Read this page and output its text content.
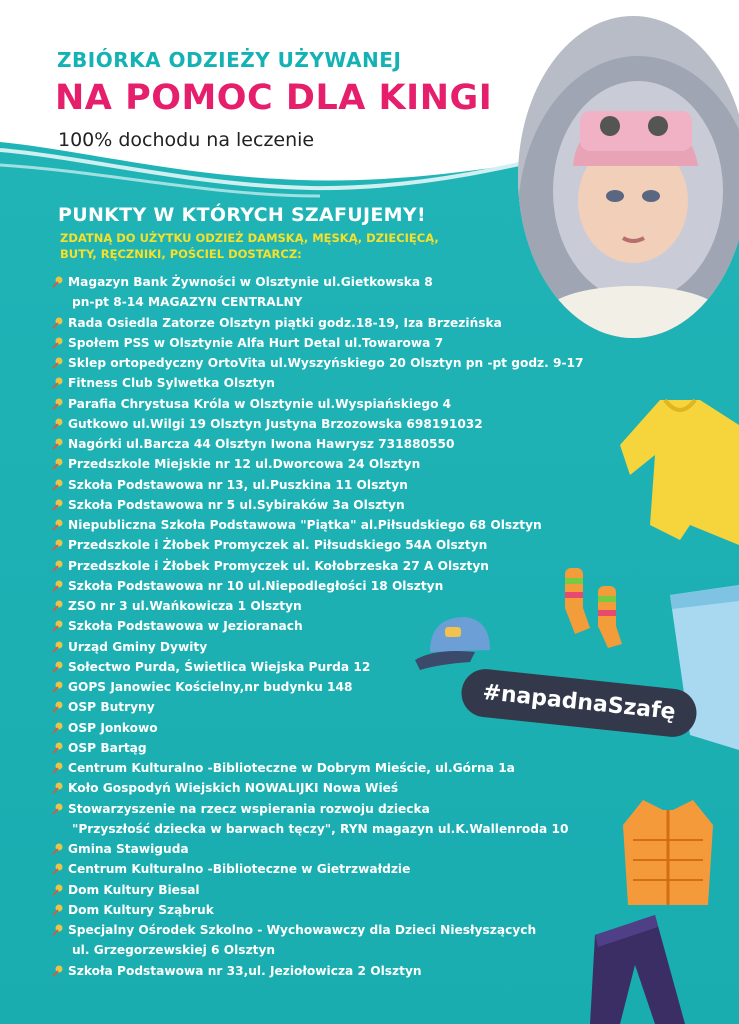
ZBIÓRKA ODZIEŻY UŻYWANEJ
NA POMOC DLA KINGI
100% dochodu na leczenie
PUNKTY W KTÓRYCH SZAFUJEMY!
ZDATNĄ DO UŻYTKU ODZIEŻ DAMSKĄ, MĘSKĄ, DZIECIĘCĄ, BUTY, RĘCZNIKI, POŚCIEL DOSTARCZ:
Magazyn Bank Żywności w Olsztynie ul.Gietkowska 8
pn-pt 8-14 MAGAZYN CENTRALNY
Rada Osiedla Zatorze Olsztyn piątki godz.18-19, Iza Brzezińska
Społem PSS w Olsztynie Alfa Hurt Detal ul.Towarowa 7
Sklep ortopedyczny OrtoVita ul.Wyszyńskiego 20 Olsztyn pn -pt godz. 9-17
Fitness Club Sylwetka Olsztyn
Parafia Chrystusa Króla w Olsztynie ul.Wyspiańskiego 4
Gutkowo ul.Wilgi 19 Olsztyn Justyna Brzozowska 698191032
Nagórki ul.Barcza 44 Olsztyn Iwona Hawrysz 731880550
Przedszkole Miejskie nr 12 ul.Dworcowa 24 Olsztyn
Szkoła Podstawowa nr 13, ul.Puszkina 11 Olsztyn
Szkoła Podstawowa nr 5 ul.Sybiraków 3a Olsztyn
Niepubliczna Szkoła Podstawowa "Piątka" al.Piłsudskiego 68 Olsztyn
Przedszkole i Żłobek Promyczek al. Piłsudskiego 54A Olsztyn
Przedszkole i Żłobek Promyczek ul. Kołobrzeska 27 A Olsztyn
Szkoła Podstawowa nr 10 ul.Niepodległości 18 Olsztyn
ZSO nr 3 ul.Wańkowicza 1 Olsztyn
Szkoła Podstawowa w Jezioranach
Urząd Gminy Dywity
Sołectwo Purda, Świetlica Wiejska Purda 12
GOPS Janowiec Kościelny,nr budynku 148
OSP Butryny
OSP Jonkowo
OSP Bartąg
Centrum Kulturalno -Biblioteczne w Dobrym Mieście, ul.Górna 1a
Koło Gospodyń Wiejskich NOWALIJKI Nowa Wieś
Stowarzyszenie na rzecz wspierania rozwoju dziecka
"Przyszłość dziecka w barwach tęczy", RYN magazyn ul.K.Wallenroda 10
Gmina Stawiguda
Centrum Kulturalno -Biblioteczne w Gietrzwałdzie
Dom Kultury Biesal
Dom Kultury Sząbruk
Specjalny Ośrodek Szkolno - Wychowawczy dla Dzieci Niesłyszących
ul. Grzegorzewskiej 6 Olsztyn
Szkoła Podstawowa nr 33,ul. Jeziołowicza 2 Olsztyn
#napadnaSzafę
